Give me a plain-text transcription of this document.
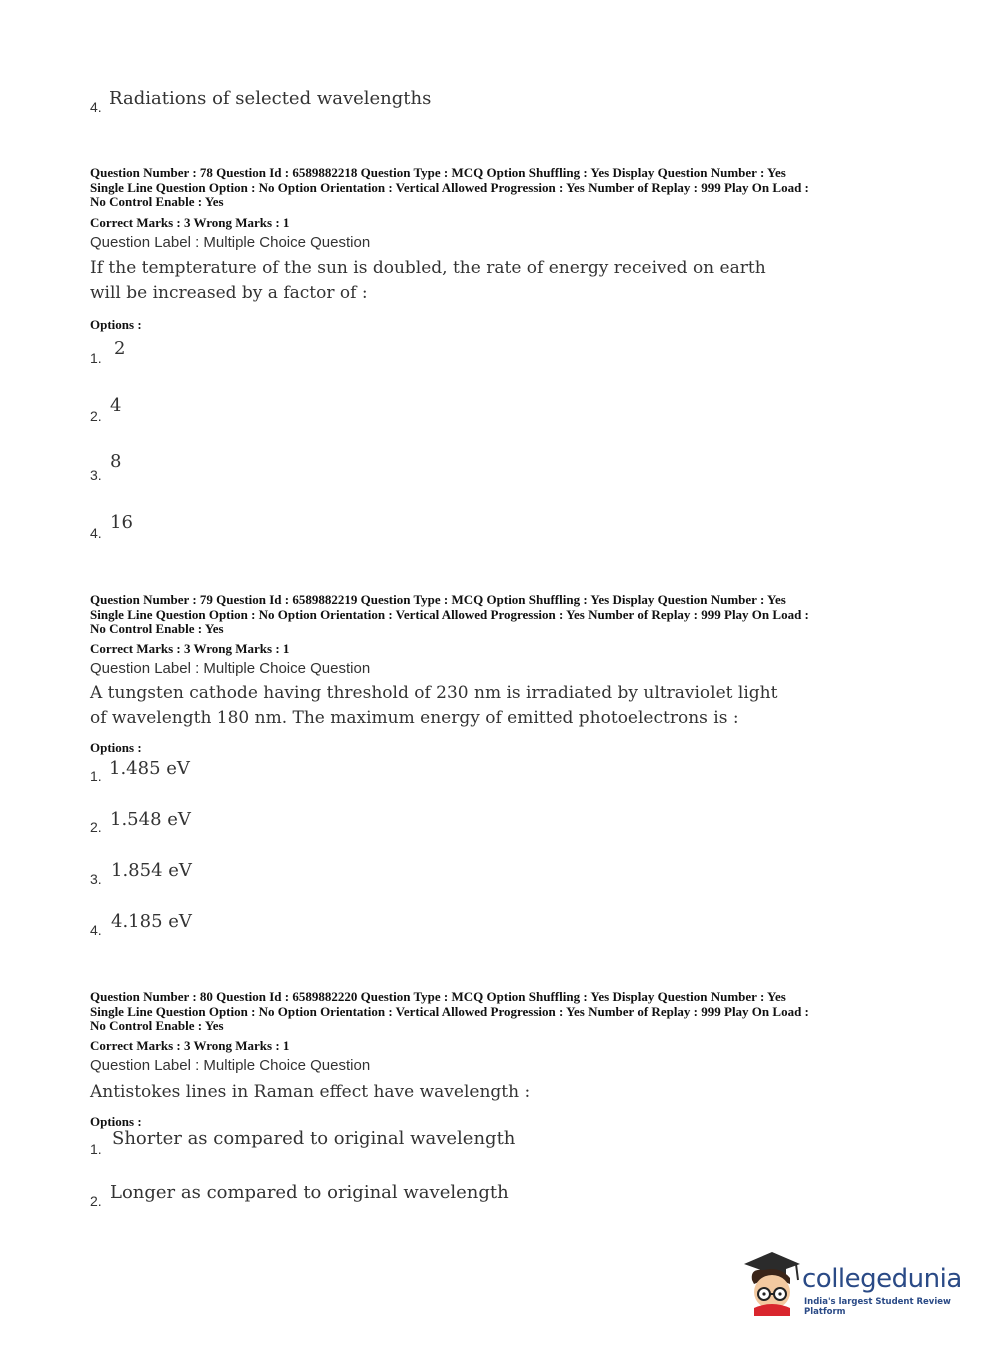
4. Radiations of selected wavelengths
Question Number : 78 Question Id : 6589882218 Question Type : MCQ Option Shuffling : Yes Display Question Number : Yes
Single Line Question Option : No Option Orientation : Vertical Allowed Progression : Yes Number of Replay : 999 Play On Load :
No Control Enable : Yes
Correct Marks : 3 Wrong Marks : 1
Question Label : Multiple Choice Question
If the tempterature of the sun is doubled, the rate of energy received on earth
will be increased by a factor of :
Options :
1. 2
2. 4
3.
8
4. 16
Question Number : 79 Question Id : 6589882219 Question Type : MCQ Option Shuffling : Yes Display Question Number : Yes
Single Line Question Option : No Option Orientation : Vertical Allowed Progression : Yes Number of Replay : 999 Play On Load :
No Control Enable : Yes
Correct Marks : 3 Wrong Marks : 1
Question Label : Multiple Choice Question
A tungsten cathode having threshold of 230 nm is irradiated by ultraviolet light
of wavelength 180 nm. The maximum energy of emitted photoelectrons is :
Options :
1. 1.485 eV
2. 1.548 eV
3. 1.854 eV
4. 4.185 eV
Question Number : 80 Question Id : 6589882220 Question Type : MCQ Option Shuffling : Yes Display Question Number : Yes
Single Line Question Option : No Option Orientation : Vertical Allowed Progression : Yes Number of Replay : 999 Play On Load :
No Control Enable : Yes
Correct Marks : 3 Wrong Marks : 1
Question Label : Multiple Choice Question
Antistokes lines in Raman effect have wavelength :
Options :
1. Shorter as compared to original wavelength
2. Longer as compared to original wavelength
collegedunia
India's largest Student Review Platform
